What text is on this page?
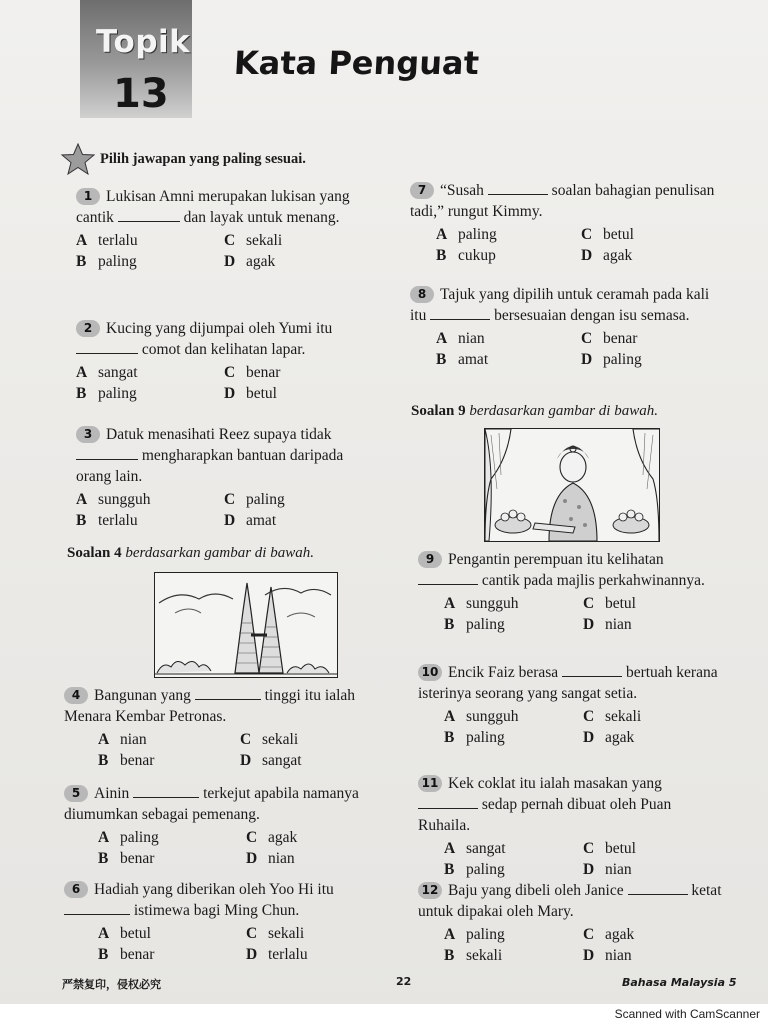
Topik
13
Kata Penguat
Pilih jawapan yang paling sesuai.
1 Lukisan Amni merupakan lukisan yang cantik	dan layak untuk menang.
A terlalu	C sekali
B paling	D agak
2 Kucing yang dijumpai oleh Yumi itu  comot dan kelihatan lapar.
A sangat	C benar
B paling	D betul
3 Datuk menasihati Reez supaya tidak  mengharapkan bantuan daripada orang lain.
A sungguh	C paling
B terlalu	D amat
Soalan 4 berdasarkan gambar di bawah.
4 Bangunan yang	tinggi itu ialah Menara Kembar Petronas.
A nian	C sekali
B benar	D sangat
5 Ainin	terkejut apabila namanya diumumkan sebagai pemenang.
A paling	C agak
B benar	D nian
6 Hadiah yang diberikan oleh Yoo Hi itu  istimewa bagi Ming Chun.
A betul	C sekali
B benar	D terlalu
7 “Susah	soalan bahagian penulisan tadi,” rungut Kimmy.
A paling	C betul
B cukup	D agak
8 Tajuk yang dipilih untuk ceramah pada kali itu	bersesuaian dengan isu semasa.
A nian	C benar
B amat	D paling
Soalan 9 berdasarkan gambar di bawah.
9 Pengantin perempuan itu kelihatan  cantik pada majlis perkahwinannya.
A sungguh	C betul
B paling	D nian
10 Encik Faiz berasa	bertuah kerana isterinya seorang yang sangat setia.
A sungguh	C sekali
B paling	D agak
11 Kek coklat itu ialah masakan yang  sedap pernah dibuat oleh Puan Ruhaila.
A sangat	C betul
B paling	D nian
12 Baju yang dibeli oleh Janice	ketat untuk dipakai oleh Mary.
A paling	C agak
B sekali	D nian
严禁复印，侵权必究	22	Bahasa Malaysia 5
Scanned with CamScanner
